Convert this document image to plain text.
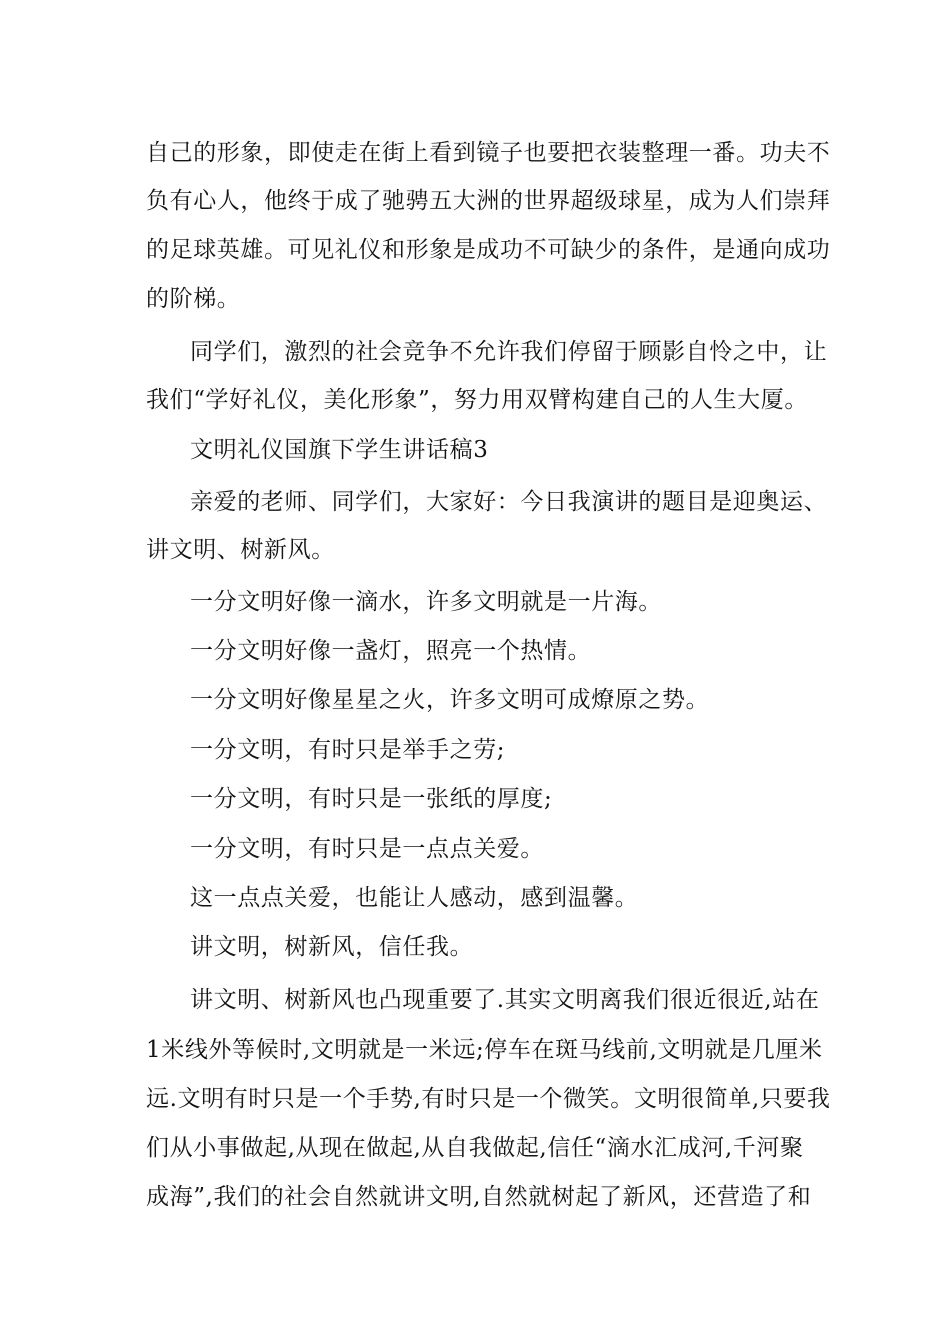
自己的形象，即使走在街上看到镜子也要把衣装整理一番。功夫不
负有心人，他终于成了驰骋五大洲的世界超级球星，成为人们崇拜
的足球英雄。可见礼仪和形象是成功不可缺少的条件，是通向成功
的阶梯。
同学们，激烈的社会竞争不允许我们停留于顾影自怜之中，让
我们“学好礼仪，美化形象”，努力用双臂构建自己的人生大厦。
文明礼仪国旗下学生讲话稿3
亲爱的老师、同学们，大家好：今日我演讲的题目是迎奥运、
讲文明、树新风。
一分文明好像一滴水，许多文明就是一片海。
一分文明好像一盏灯，照亮一个热情。
一分文明好像星星之火，许多文明可成燎原之势。
一分文明，有时只是举手之劳;
一分文明，有时只是一张纸的厚度;
一分文明，有时只是一点点关爱。
这一点点关爱，也能让人感动，感到温馨。
讲文明，树新风，信任我。
讲文明、树新风也凸现重要了.其实文明离我们很近很近,站在
1米线外等候时,文明就是一米远;停车在斑马线前,文明就是几厘米
远.文明有时只是一个手势,有时只是一个微笑。文明很简单,只要我
们从小事做起,从现在做起,从自我做起,信任“滴水汇成河,千河聚
成海”,我们的社会自然就讲文明,自然就树起了新风，还营造了和
